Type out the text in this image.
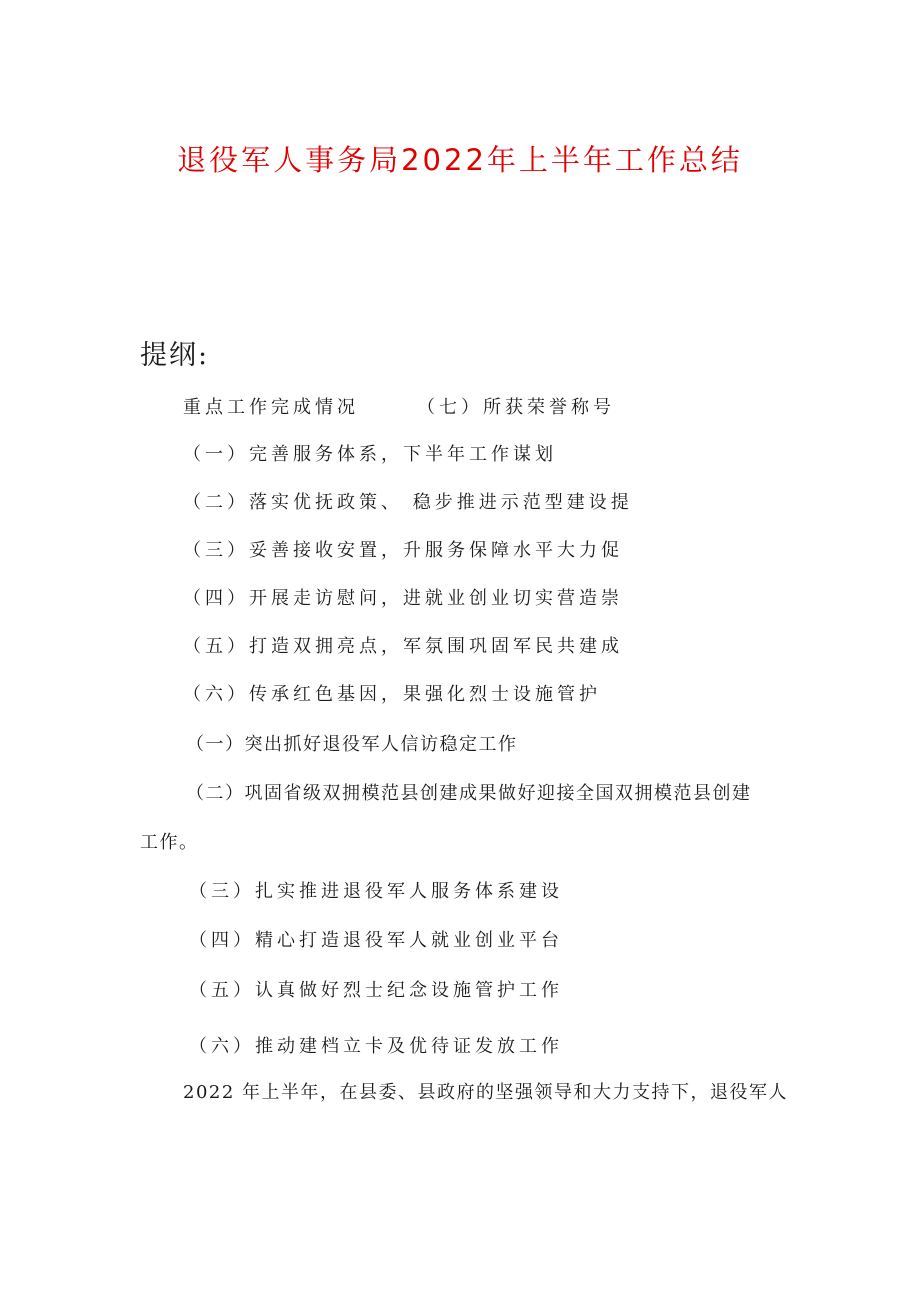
退役军人事务局2022年上半年工作总结
提纲:
重点工作完成情况	（七）所获荣誉称号
（一）完善服务体系，下半年工作谋划
（二）落实优抚政策、 稳步推进示范型建设提
（三）妥善接收安置，升服务保障水平大力促
（四）开展走访慰问，进就业创业切实营造崇
（五）打造双拥亮点，军氛围巩固军民共建成
（六）传承红色基因，果强化烈士设施管护
（一）突出抓好退役军人信访稳定工作
（二）巩固省级双拥模范县创建成果做好迎接全国双拥模范县创建
工作。
（三）扎实推进退役军人服务体系建设
（四）精心打造退役军人就业创业平台
（五）认真做好烈士纪念设施管护工作
（六）推动建档立卡及优待证发放工作
2022 年上半年，在县委、县政府的坚强领导和大力支持下，退役军人
